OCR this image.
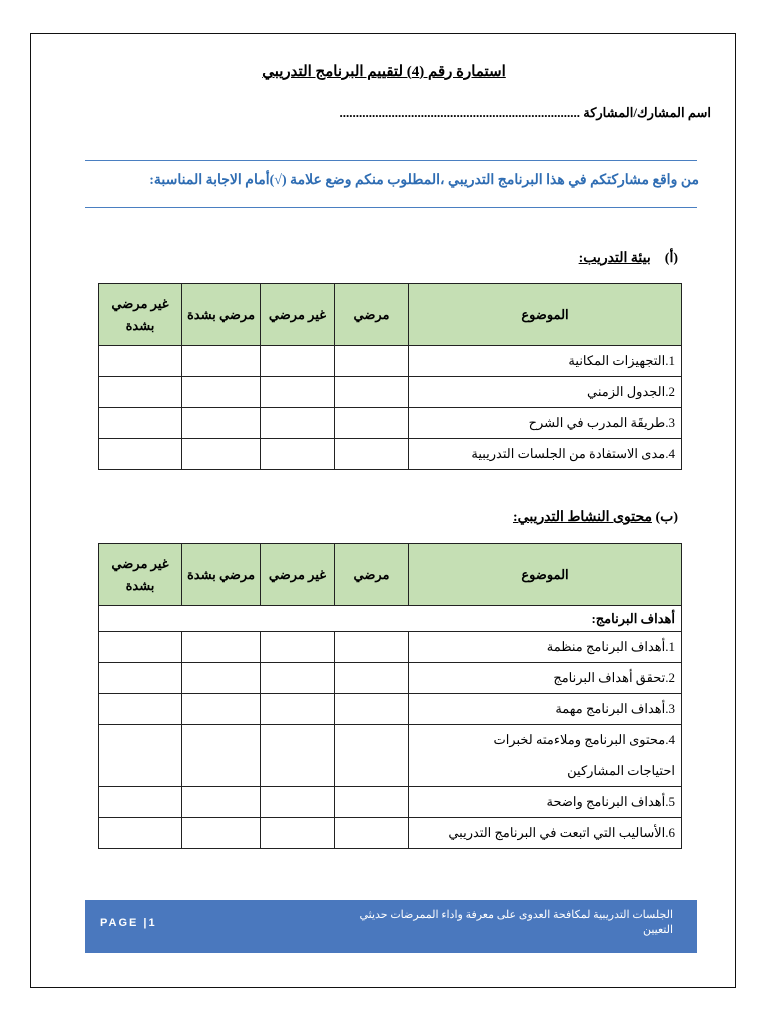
استمارة رقم (4) لتقييم البرنامج التدريبي
اسم المشارك/المشاركة ..........................................................................
من واقع مشاركتكم في هذا البرنامج التدريبي ،المطلوب منكم وضع علامة (√)أمام الاجابة المناسبة:
(أ)    بيئة التدريب:
الموضوع	مرضي	غير مرضي	مرضي بشدة	غير مرضي بشدة
1.التجهيزات المكانية				
2.الجدول الزمني				
3.طريقَة المدرب في الشرح				
4.مدى الاستفادة من الجلسات التدريبية				
(ب) محتوى النشاط التدريبي:
الموضوع	مرضي	غير مرضي	مرضي بشدة	غير مرضي بشدة
أهداف البرنامج:				
1.أهداف البرنامج منظمة				
2.تحقق أهداف البرنامج				
3.أهداف البرنامج مهمة				
4.محتوى البرنامج وملاءمته لخبرات				
احتياجات المشاركين				
5.أهداف البرنامج واضحة				
6.الأساليب التي اتبعت في البرنامج التدريبي				
PAGE |1
الجلسات التدريبية لمكافحة العدوى على معرفة واداء الممرضات حديثي التعيين
